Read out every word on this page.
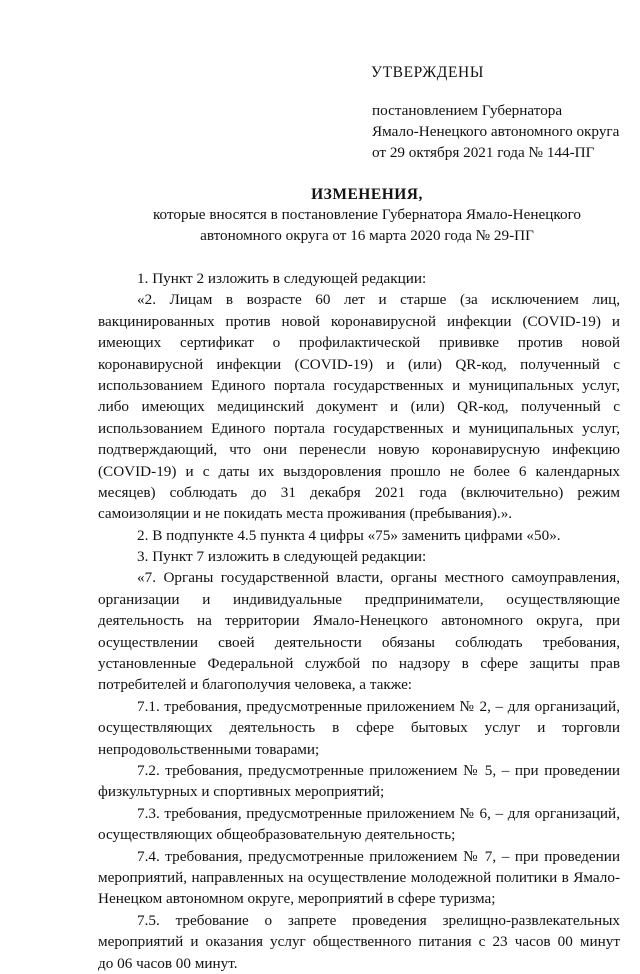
УТВЕРЖДЕНЫ
постановлением Губернатора
Ямало-Ненецкого автономного округа
от 29 октября 2021 года № 144-ПГ
ИЗМЕНЕНИЯ,
которые вносятся в постановление Губернатора Ямало-Ненецкого
автономного округа от 16 марта 2020 года № 29-ПГ
1. Пункт 2 изложить в следующей редакции:
«2. Лицам в возрасте 60 лет и старше (за исключением лиц,
вакцинированных против новой коронавирусной инфекции (COVID-19) и
имеющих сертификат о профилактической прививке против новой
коронавирусной инфекции (COVID-19) и (или) QR-код, полученный с
использованием Единого портала государственных и муниципальных услуг,
либо имеющих медицинский документ и (или) QR-код, полученный с
использованием Единого портала государственных и муниципальных услуг,
подтверждающий, что они перенесли новую коронавирусную инфекцию
(COVID-19) и с даты их выздоровления прошло не более 6 календарных
месяцев) соблюдать до 31 декабря 2021 года (включительно) режим
самоизоляции и не покидать места проживания (пребывания).».
2. В подпункте 4.5 пункта 4 цифры «75» заменить цифрами «50».
3. Пункт 7 изложить в следующей редакции:
«7. Органы государственной власти, органы местного самоуправления,
организации и индивидуальные предприниматели, осуществляющие
деятельность на территории Ямало-Ненецкого автономного округа, при
осуществлении своей деятельности обязаны соблюдать требования,
установленные Федеральной службой по надзору в сфере защиты прав
потребителей и благополучия человека, а также:
7.1. требования, предусмотренные приложением № 2, – для организаций,
осуществляющих деятельность в сфере бытовых услуг и торговли
непродовольственными товарами;
7.2. требования, предусмотренные приложением № 5, – при проведении
физкультурных и спортивных мероприятий;
7.3. требования, предусмотренные приложением № 6, – для организаций,
осуществляющих общеобразовательную деятельность;
7.4. требования, предусмотренные приложением № 7, – при проведении
мероприятий, направленных на осуществление молодежной политики в Ямало-
Ненецком автономном округе, мероприятий в сфере туризма;
7.5. требование о запрете проведения зрелищно-развлекательных
мероприятий и оказания услуг общественного питания с 23 часов 00 минут
до 06 часов 00 минут.
